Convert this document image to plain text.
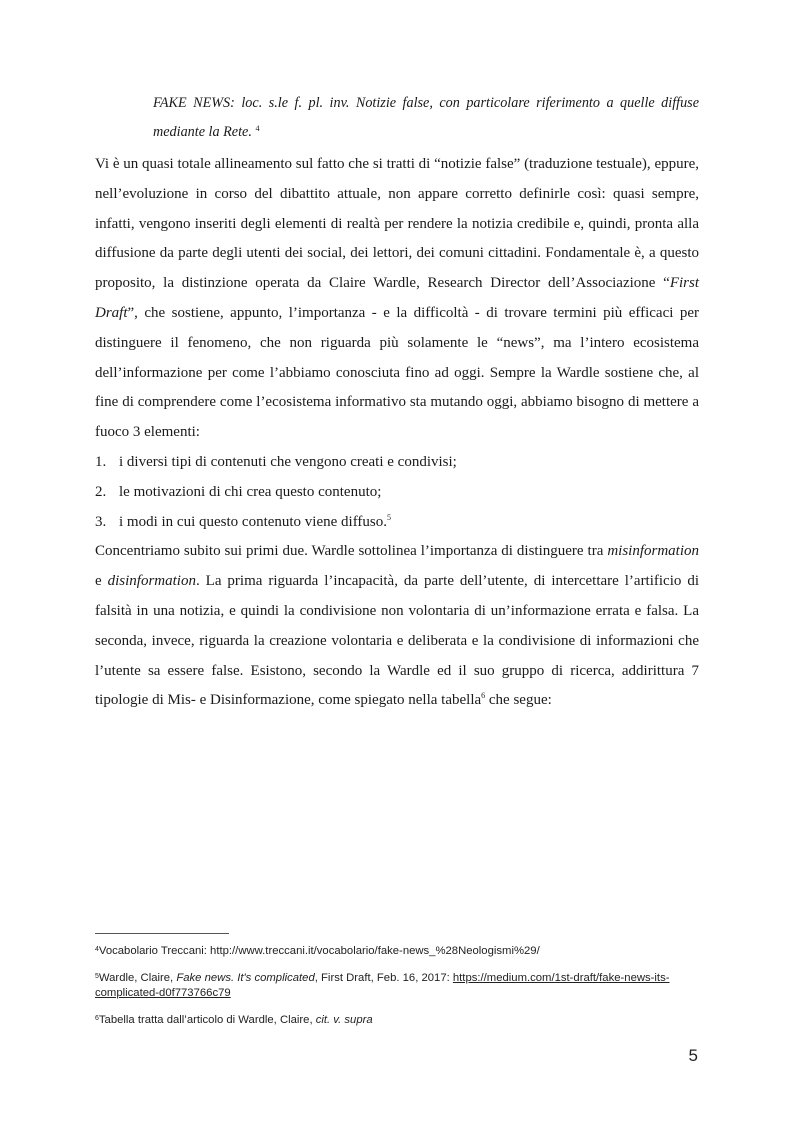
FAKE NEWS: loc. s.le f. pl. inv. Notizie false, con particolare riferimento a quelle diffuse mediante la Rete. $^4$

Vi è un quasi totale allineamento sul fatto che si tratti di “notizie false” (traduzione testuale), eppure, nell’evoluzione in corso del dibattito attuale, non appare corretto definirle così: quasi sempre, infatti, vengono inseriti degli elementi di realtà per rendere la notizia credibile e, quindi, pronta alla diffusione da parte degli utenti dei social, dei lettori, dei comuni cittadini. Fondamentale è, a questo proposito, la distinzione operata da Claire Wardle, Research Director dell’Associazione “First Draft”, che sostiene, appunto, l’importanza - e la difficoltà - di trovare termini più efficaci per distinguere il fenomeno, che non riguarda più solamente le “news”, ma l’intero ecosistema dell’informazione per come l’abbiamo conosciuta fino ad oggi. Sempre la Wardle sostiene che, al fine di comprendere come l’ecosistema informativo sta mutando oggi, abbiamo bisogno di mettere a fuoco 3 elementi:

1. i diversi tipi di contenuti che vengono creati e condivisi;
2. le motivazioni di chi crea questo contenuto;
3. i modi in cui questo contenuto viene diffuso.$^5$

Concentriamo subito sui primi due. Wardle sottolinea l’importanza di distinguere tra misinformation e disinformation. La prima riguarda l’incapacità, da parte dell’utente, di intercettare l’artificio di falsità in una notizia, e quindi la condivisione non volontaria di un’informazione errata e falsa. La seconda, invece, riguarda la creazione volontaria e deliberata e la condivisione di informazioni che l’utente sa essere false. Esistono, secondo la Wardle ed il suo gruppo di ricerca, addirittura 7 tipologie di Mis- e Disinformazione, come spiegato nella tabella$^6$ che segue:

$^4$Vocabolario Treccani: http://www.treccani.it/vocabolario/fake-news_%28Neologismi%29/

$^5$Wardle, Claire, Fake news. It's complicated, First Draft, Feb. 16, 2017: https://medium.com/1st-draft/fake-news-its-complicated-d0f773766c79

$^6$Tabella tratta dall’articolo di Wardle, Claire, cit. v. supra

5
